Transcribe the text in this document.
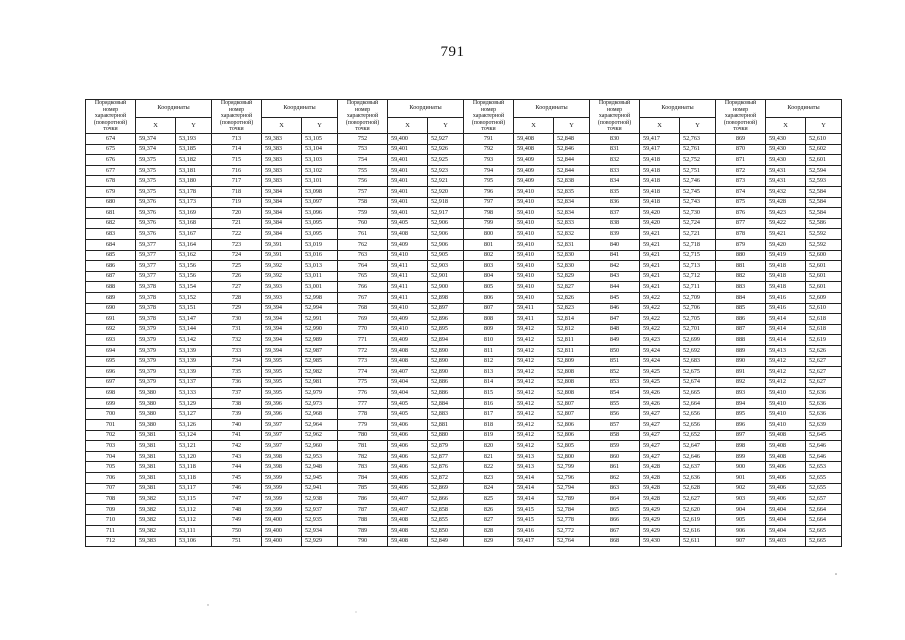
791
Порядковый номер характерной (поворотной) точки	Координаты		Порядковый номер характерной (поворотной) точки	Координаты		Порядковый номер характерной (поворотной) точки	Координаты		Порядковый номер характерной (поворотной) точки	Координаты		Порядковый номер характерной (поворотной) точки	Координаты		Порядковый номер характерной (поворотной) точки	Координаты	
	X	Y		X	Y		X	Y		X	Y		X	Y		X	Y
674	59,374	53,193	713	59,383	53,105	752	59,400	52,927	791	59,408	52,848	830	59,417	52,763	869	59,430	52,610
675	59,374	53,185	714	59,383	53,104	753	59,401	52,926	792	59,408	52,846	831	59,417	52,761	870	59,430	52,602
676	59,375	53,182	715	59,383	53,103	754	59,401	52,925	793	59,409	52,844	832	59,418	52,752	871	59,430	52,601
677	59,375	53,181	716	59,383	53,102	755	59,401	52,923	794	59,409	52,844	833	59,418	52,751	872	59,431	52,594
678	59,375	53,180	717	59,383	53,101	756	59,401	52,921	795	59,409	52,838	834	59,418	52,746	873	59,431	52,593
679	59,375	53,178	718	59,384	53,098	757	59,401	52,920	796	59,410	52,835	835	59,418	52,745	874	59,432	52,584
680	59,376	53,173	719	59,384	53,097	758	59,401	52,918	797	59,410	52,834	836	59,418	52,743	875	59,428	52,584
681	59,376	53,169	720	59,384	53,096	759	59,401	52,917	798	59,410	52,834	837	59,420	52,730	876	59,423	52,584
682	59,376	53,168	721	59,384	53,095	760	59,405	52,906	799	59,410	52,833	838	59,420	52,724	877	59,422	52,586
683	59,376	53,167	722	59,384	53,095	761	59,408	52,906	800	59,410	52,832	839	59,421	52,721	878	59,421	52,592
684	59,377	53,164	723	59,391	53,019	762	59,409	52,906	801	59,410	52,831	840	59,421	52,718	879	59,420	52,592
685	59,377	53,162	724	59,391	53,016	763	59,410	52,905	802	59,410	52,830	841	59,421	52,715	880	59,419	52,600
686	59,377	53,156	725	59,392	53,013	764	59,411	52,903	803	59,410	52,830	842	59,421	52,713	881	59,418	52,601
687	59,377	53,156	726	59,392	53,011	765	59,411	52,901	804	59,410	52,829	843	59,421	52,712	882	59,418	52,601
688	59,378	53,154	727	59,393	53,001	766	59,411	52,900	805	59,410	52,827	844	59,421	52,711	883	59,418	52,601
689	59,378	53,152	728	59,393	52,998	767	59,411	52,898	806	59,410	52,826	845	59,422	52,709	884	59,416	52,609
690	59,378	53,151	729	59,394	52,994	768	59,410	52,897	807	59,411	52,823	846	59,422	52,706	885	59,416	52,610
691	59,378	53,147	730	59,394	52,991	769	59,409	52,896	808	59,411	52,814	847	59,422	52,705	886	59,414	52,618
692	59,379	53,144	731	59,394	52,990	770	59,410	52,895	809	59,412	52,812	848	59,422	52,701	887	59,414	52,618
693	59,379	53,142	732	59,394	52,989	771	59,409	52,894	810	59,412	52,811	849	59,423	52,699	888	59,414	52,619
694	59,379	53,139	733	59,394	52,987	772	59,408	52,890	811	59,412	52,811	850	59,424	52,692	889	59,413	52,626
695	59,379	53,139	734	59,395	52,985	773	59,408	52,890	812	59,412	52,809	851	59,424	52,683	890	59,412	52,627
696	59,379	53,139	735	59,395	52,982	774	59,407	52,890	813	59,412	52,808	852	59,425	52,675	891	59,412	52,627
697	59,379	53,137	736	59,395	52,981	775	59,404	52,886	814	59,412	52,808	853	59,425	52,674	892	59,412	52,627
698	59,380	53,133	737	59,395	52,979	776	59,404	52,886	815	59,412	52,808	854	59,426	52,665	893	59,410	52,636
699	59,380	53,129	738	59,396	52,973	777	59,405	52,884	816	59,412	52,807	855	59,426	52,664	894	59,410	52,636
700	59,380	53,127	739	59,396	52,968	778	59,405	52,883	817	59,412	52,807	856	59,427	52,656	895	59,410	52,636
701	59,380	53,126	740	59,397	52,964	779	59,406	52,881	818	59,412	52,806	857	59,427	52,656	896	59,410	52,639
702	59,381	53,124	741	59,397	52,962	780	59,406	52,880	819	59,412	52,806	858	59,427	52,652	897	59,408	52,645
703	59,381	53,121	742	59,397	52,960	781	59,406	52,879	820	59,412	52,805	859	59,427	52,647	898	59,408	52,646
704	59,381	53,120	743	59,398	52,953	782	59,406	52,877	821	59,413	52,800	860	59,427	52,646	899	59,408	52,646
705	59,381	53,118	744	59,398	52,948	783	59,406	52,876	822	59,413	52,799	861	59,428	52,637	900	59,406	52,653
706	59,381	53,118	745	59,399	52,945	784	59,406	52,872	823	59,414	52,796	862	59,428	52,636	901	59,406	52,655
707	59,381	53,117	746	59,399	52,941	785	59,406	52,869	824	59,414	52,794	863	59,428	52,628	902	59,406	52,655
708	59,382	53,115	747	59,399	52,938	786	59,407	52,866	825	59,414	52,789	864	59,428	52,627	903	59,406	52,657
709	59,382	53,112	748	59,399	52,937	787	59,407	52,858	826	59,415	52,784	865	59,429	52,620	904	59,404	52,664
710	59,382	53,112	749	59,400	52,935	788	59,408	52,855	827	59,415	52,778	866	59,429	52,619	905	59,404	52,664
711	59,382	53,111	750	59,400	52,934	789	59,408	52,850	828	59,416	52,772	867	59,429	52,616	906	59,404	52,665
712	59,383	53,106	751	59,400	52,929	790	59,408	52,849	829	59,417	52,764	868	59,430	52,611	907	59,403	52,665
